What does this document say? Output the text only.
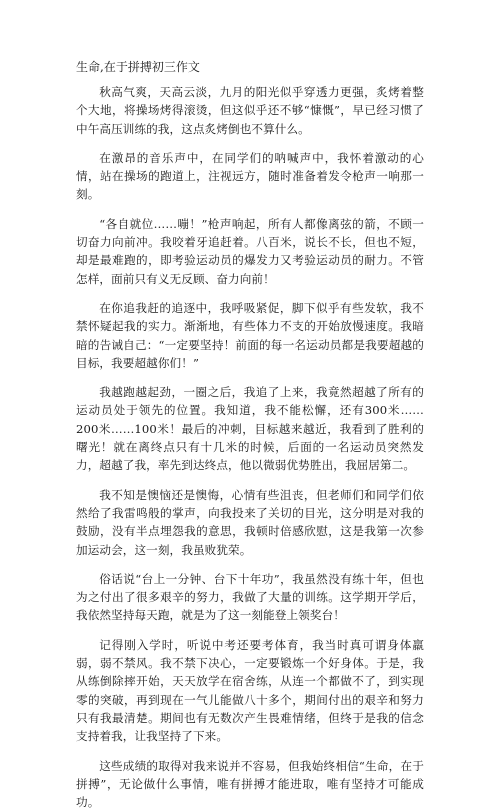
生命,在于拼搏初三作文

秋高气爽，天高云淡，九月的阳光似乎穿透力更强，炙烤着整个大地，将操场烤得滚烫，但这似乎还不够“慷慨”，早已经习惯了中午高压训练的我，这点炙烤倒也不算什么。

在激昂的音乐声中，在同学们的呐喊声中，我怀着激动的心情，站在操场的跑道上，注视远方，随时准备着发令枪声一响那一刻。

“各自就位……嘣！”枪声响起，所有人都像离弦的箭，不顾一切奋力向前冲。我咬着牙追赶着。八百米，说长不长，但也不短，却是最难跑的，即考验运动员的爆发力又考验运动员的耐力。不管怎样，面前只有义无反顾、奋力向前！

在你追我赶的追逐中，我呼吸紧促，脚下似乎有些发软，我不禁怀疑起我的实力。渐渐地，有些体力不支的开始放慢速度。我暗暗的告诫自己：“一定要坚持！前面的每一名运动员都是我要超越的目标，我要超越你们！”

我越跑越起劲，一圈之后，我追了上来，我竟然超越了所有的运动员处于领先的位置。我知道，我不能松懈，还有300米……200米……100米！最后的冲刺，目标越来越近，我看到了胜利的曙光！就在离终点只有十几米的时候，后面的一名运动员突然发力，超越了我，率先到达终点，他以微弱优势胜出，我屈居第二。

我不知是懊恼还是懊悔，心情有些沮丧，但老师们和同学们依然给了我雷鸣般的掌声，向我投来了关切的目光，这分明是对我的鼓励，没有半点埋怨我的意思，我顿时倍感欣慰，这是我第一次参加运动会，这一刻，我虽败犹荣。

俗话说“台上一分钟、台下十年功”，我虽然没有练十年，但也为之付出了很多艰辛的努力，我做了大量的训练。这学期开学后，我依然坚持每天跑，就是为了这一刻能登上领奖台！

记得刚入学时，听说中考还要考体育，我当时真可谓身体羸弱，弱不禁风。我不禁下决心，一定要锻炼一个好身体。于是，我从练倒除摔开始，天天放学在宿舍练，从连一个都做不了，到实现零的突破，再到现在一气儿能做八十多个，期间付出的艰辛和努力只有我最清楚。期间也有无数次产生畏难情绪，但终于是我的信念支持着我，让我坚持了下来。

这些成绩的取得对我来说并不容易，但我始终相信“生命，在于拼搏”，无论做什么事情，唯有拼搏才能进取，唯有坚持才可能成功。
